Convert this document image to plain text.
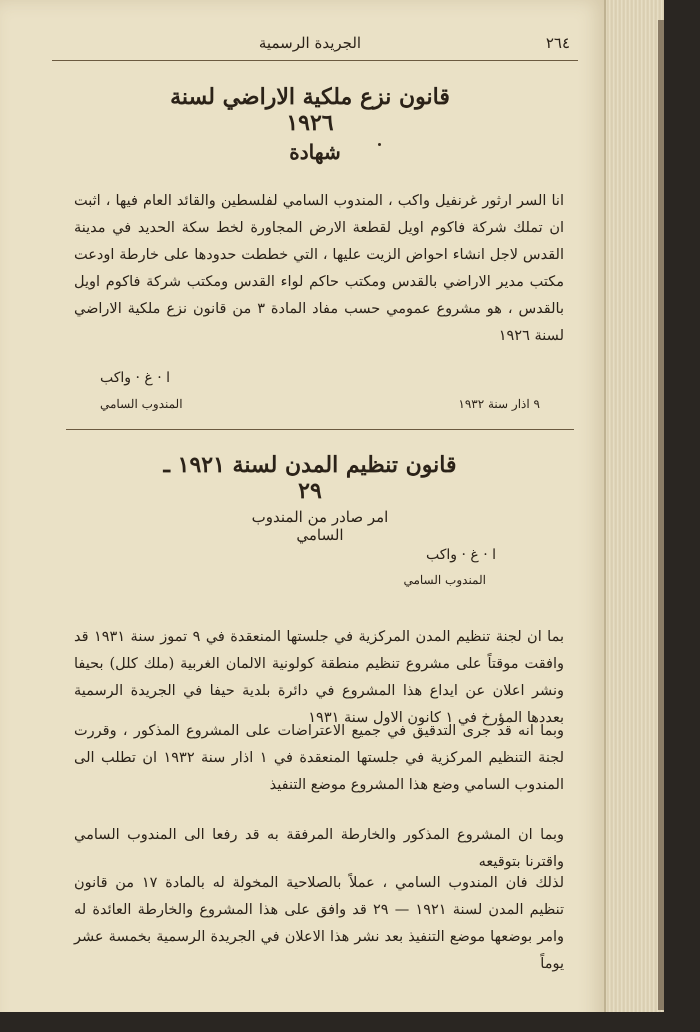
الجريدة الرسمية	٢٦٤
قانون نزع ملكية الاراضي لسنة ١٩٢٦
شهادة
انا السر ارثور غرنفيل واكب ، المندوب السامي لفلسطين والقائد العام فيها ، اثبت ان تملك شركة فاكوم اويل لقطعة الارض المجاورة لخط سكة الحديد في مدينة القدس لاجل انشاء احواض الزيت عليها ، التي خططت حدودها على خارطة اودعت مكتب مدير الاراضي بالقدس ومكتب حاكم لواء القدس ومكتب شركة فاكوم اويل بالقدس ، هو مشروع عمومي حسب مفاد المادة ٣ من قانون نزع ملكية الاراضي لسنة ١٩٢٦
ا · غ · واكب
المندوب السامي	٩ اذار سنة ١٩٣٢
قانون تنظيم المدن لسنة ١٩٢١ ـ ٢٩
امر صادر من المندوب السامي
ا · غ · واكب
المندوب السامي
بما ان لجنة تنظيم المدن المركزية في جلستها المنعقدة في ٩ تموز سنة ١٩٣١ قد وافقت موقتاً على مشروع تنظيم منطقة كولونية الالمان الغربية (ملك كلل) بحيفا ونشر اعلان عن ايداع هذا المشروع في دائرة بلدية حيفا في الجريدة الرسمية بعددها المؤرخ في ١ كانون الاول سنة ١٩٣١
وبما انه قد جرى التدقيق في جميع الاعتراضات على المشروع المذكور ، وقررت لجنة التنظيم المركزية في جلستها المنعقدة في ١ اذار سنة ١٩٣٢ ان تطلب الى المندوب السامي وضع هذا المشروع موضع التنفيذ
وبما ان المشروع المذكور والخارطة المرفقة به قد رفعا الى المندوب السامي واقترنا بتوقيعه
لذلك فان المندوب السامي ، عملاً بالصلاحية المخولة له بالمادة ١٧ من قانون تنظيم المدن لسنة ١٩٢١ — ٢٩ قد وافق على هذا المشروع والخارطة العائدة له وامر بوضعها موضع التنفيذ بعد نشر هذا الاعلان في الجريدة الرسمية بخمسة عشر يوماً
